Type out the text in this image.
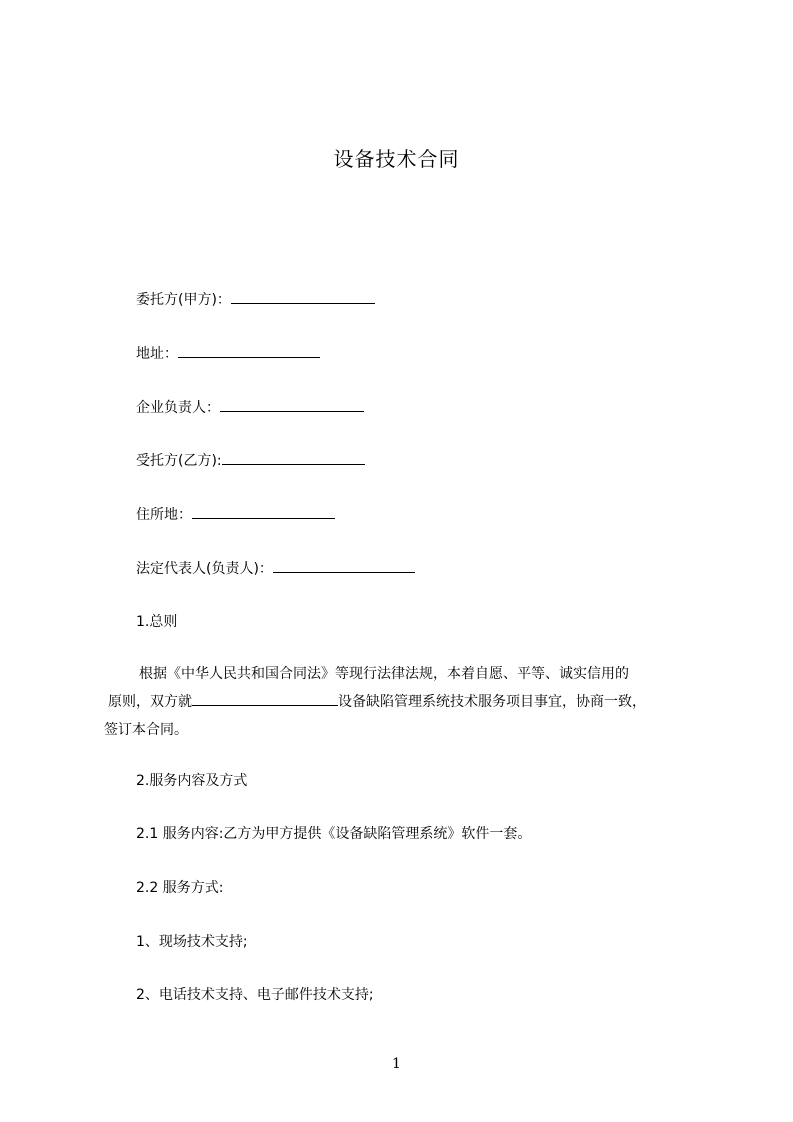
设备技术合同
委托方(甲方)：
地址：
企业负责人：
受托方(乙方):
住所地：
法定代表人(负责人)：
1.总则
根据《中华人民共和国合同法》等现行法律法规，本着自愿、平等、诚实信用的
原则，双方就	设备缺陷管理系统技术服务项目事宜，协商一致，
签订本合同。
2.服务内容及方式
2.1 服务内容:乙方为甲方提供《设备缺陷管理系统》软件一套。
2.2 服务方式:
1、现场技术支持;
2、电话技术支持、电子邮件技术支持;
1
